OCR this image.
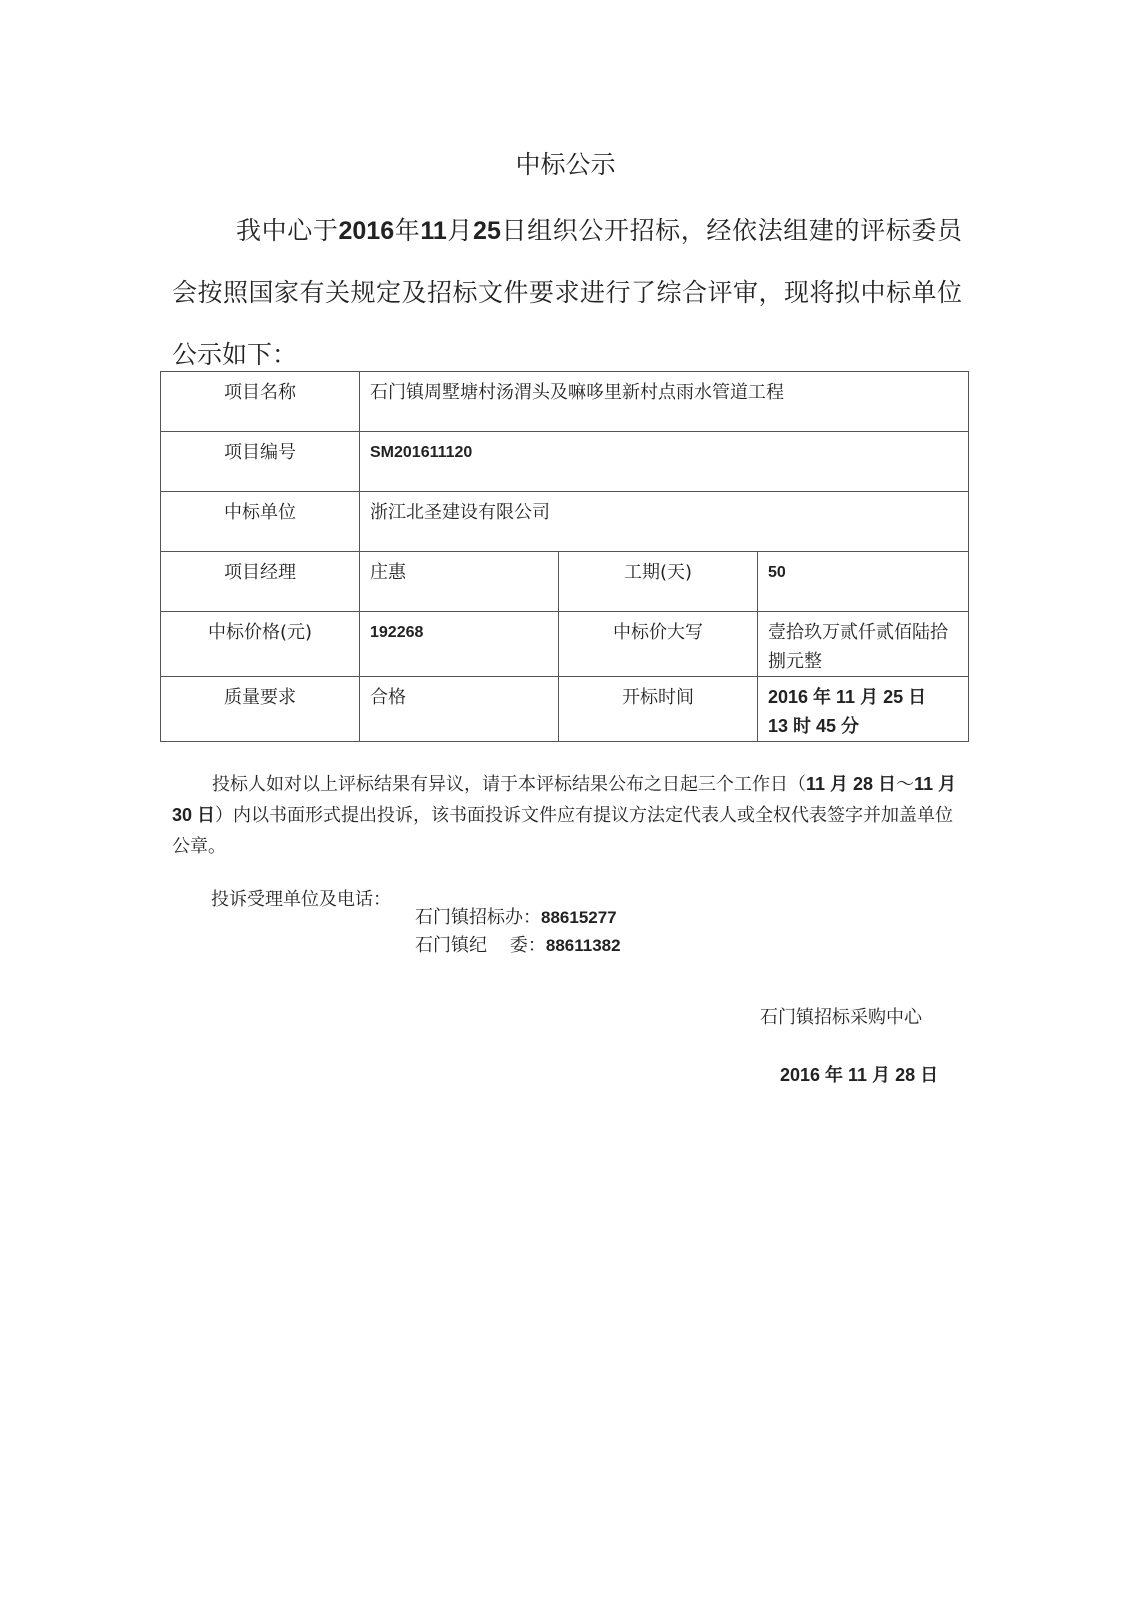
中标公示

我中心于2016年11月25日组织公开招标，经依法组建的评标委员会按照国家有关规定及招标文件要求进行了综合评审，现将拟中标单位公示如下：

项目名称	石门镇周墅塘村汤渭头及嘛哆里新村点雨水管道工程		
项目编号	SM201611120		
中标单位	浙江北圣建设有限公司		
项目经理	庄惠	工期(天)	50
中标价格(元)	192268	中标价大写	壹拾玖万贰仟贰佰陆拾捌元整
质量要求	合格	开标时间	2016 年 11 月 25 日
13 时 45 分

投标人如对以上评标结果有异议，请于本评标结果公布之日起三个工作日（11 月 28 日～11 月 30 日）内以书面形式提出投诉，该书面投诉文件应有提议方法定代表人或全权代表签字并加盖单位公章。

投诉受理单位及电话：
石门镇招标办：88615277
石门镇纪    委：88611382
石门镇招标采购中心
2016 年 11 月 28 日
